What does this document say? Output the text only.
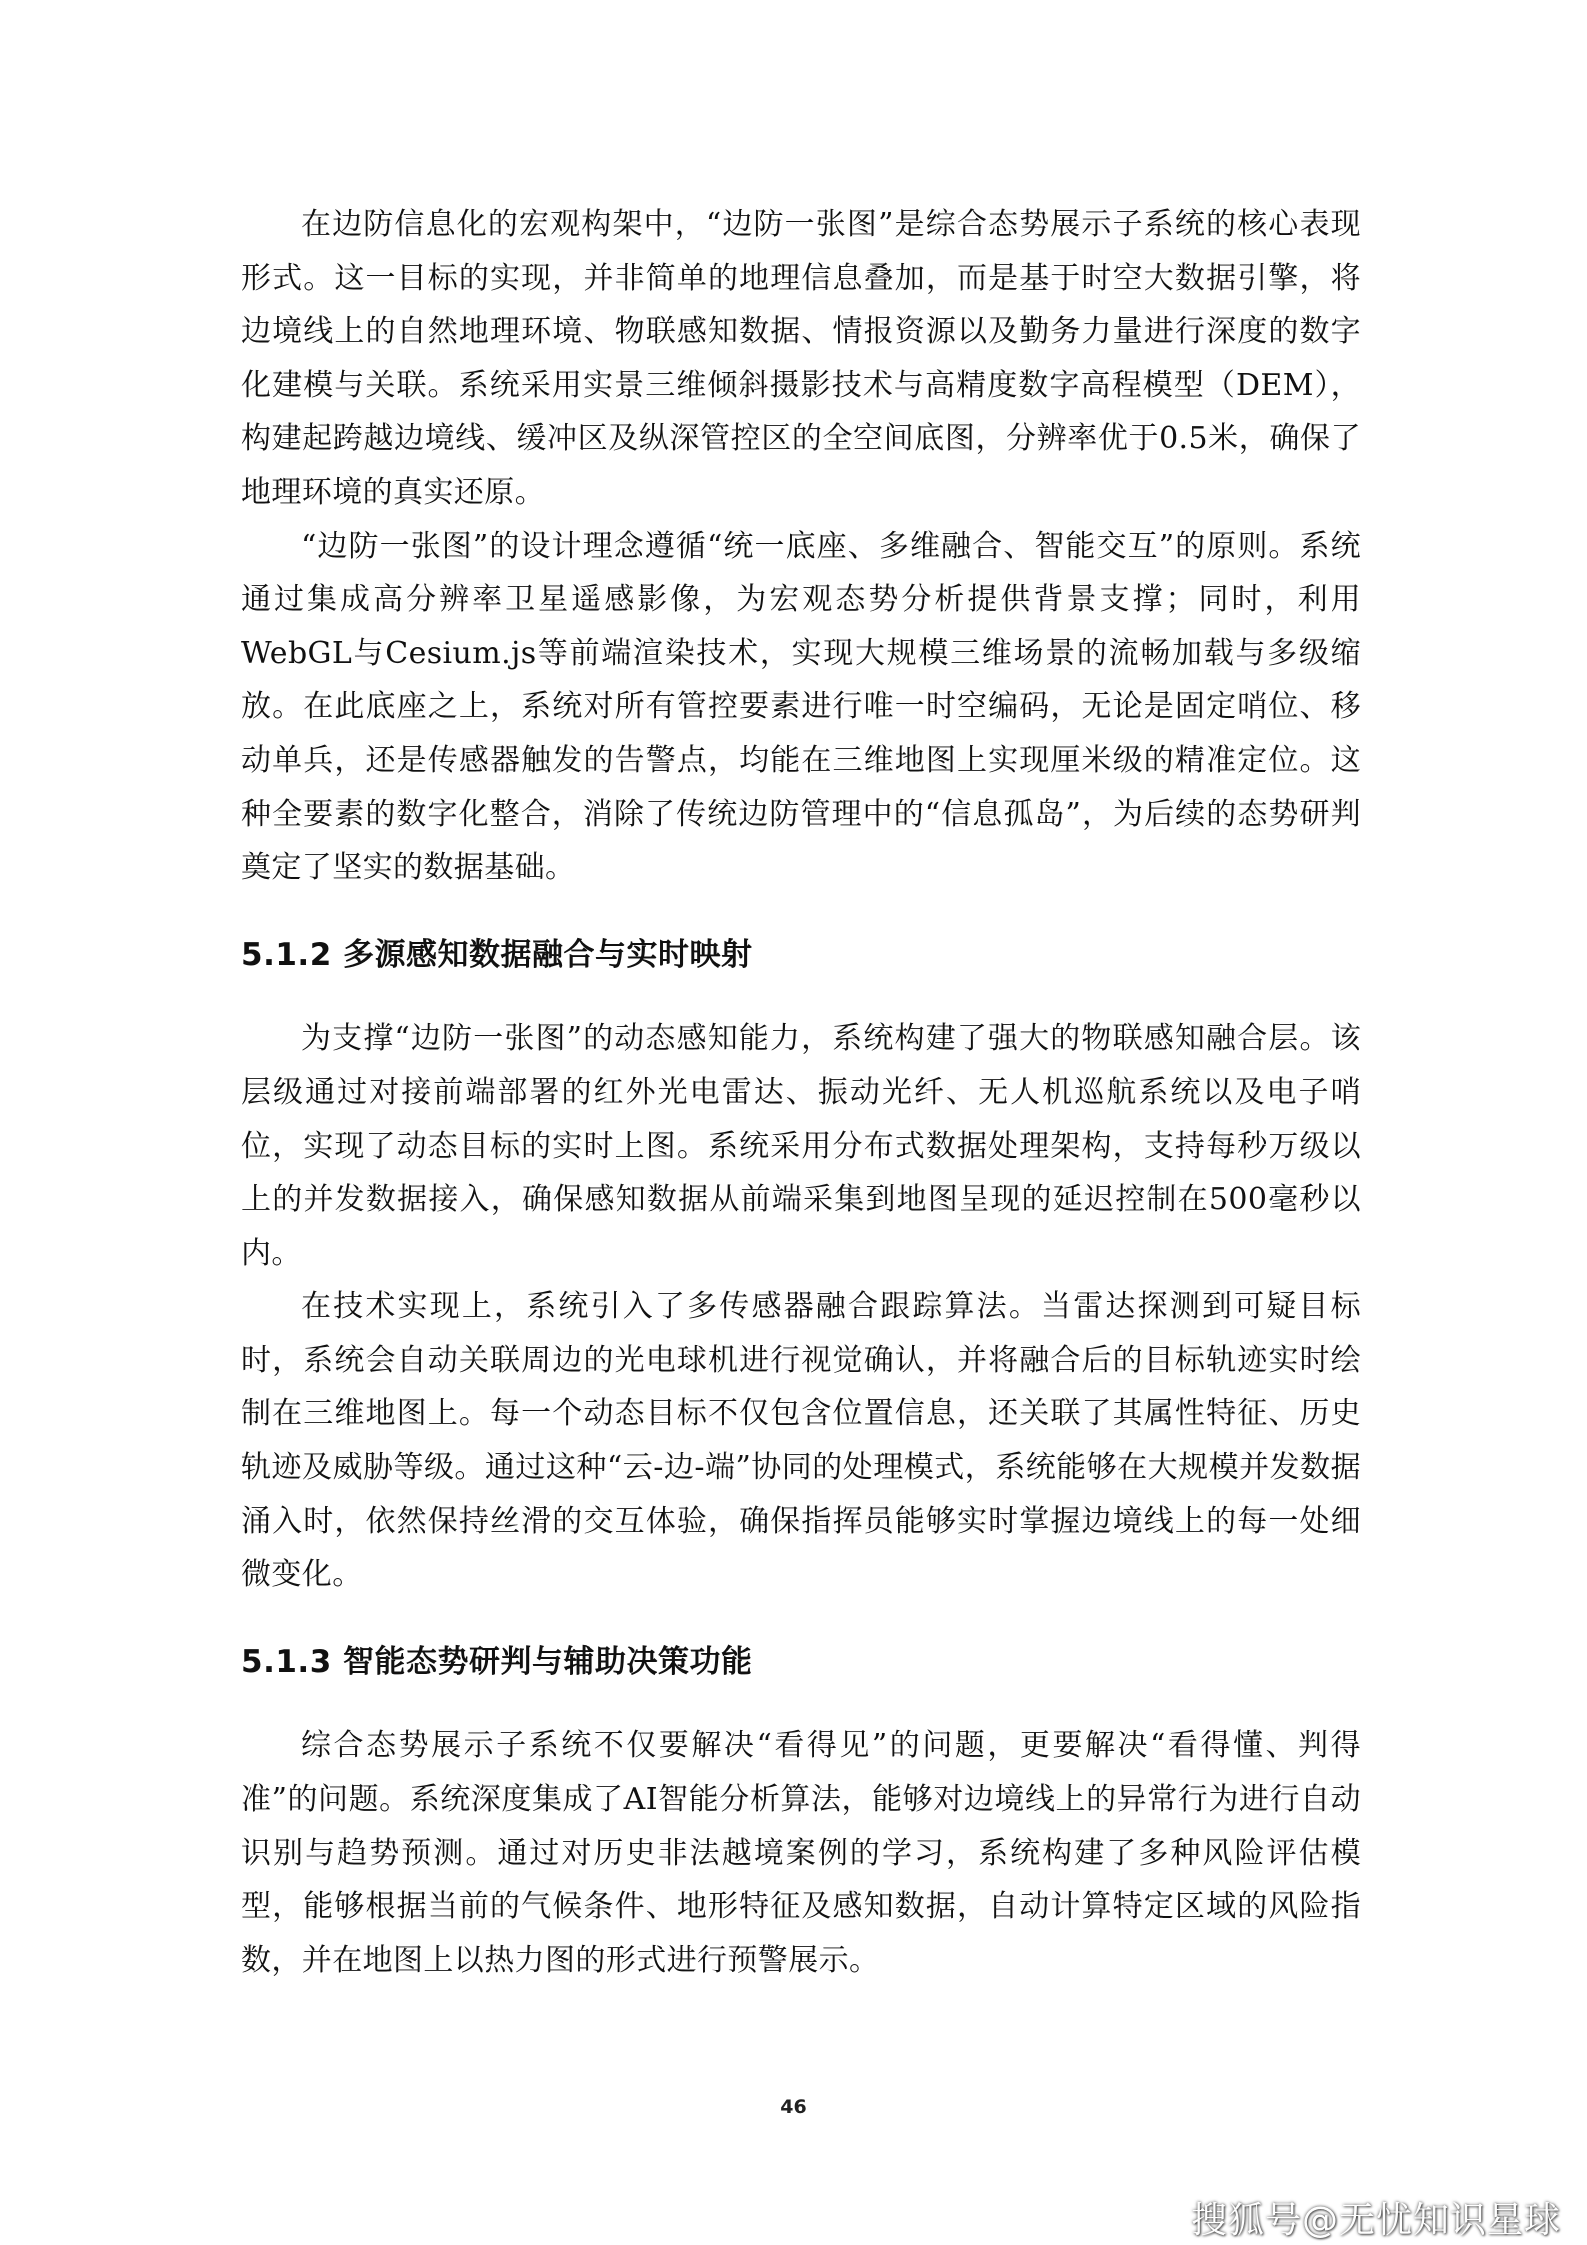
在边防信息化的宏观构架中，“边防一张图”是综合态势展示子系统的核心表现形式。这一目标的实现，并非简单的地理信息叠加，而是基于时空大数据引擎，将边境线上的自然地理环境、物联感知数据、情报资源以及勤务力量进行深度的数字化建模与关联。系统采用实景三维倾斜摄影技术与高精度数字高程模型（DEM），构建起跨越边境线、缓冲区及纵深管控区的全空间底图，分辨率优于0.5米，确保了地理环境的真实还原。

“边防一张图”的设计理念遵循“统一底座、多维融合、智能交互”的原则。系统通过集成高分辨率卫星遥感影像，为宏观态势分析提供背景支撑；同时，利用WebGL与Cesium.js等前端渲染技术，实现大规模三维场景的流畅加载与多级缩放。在此底座之上，系统对所有管控要素进行唯一时空编码，无论是固定哨位、移动单兵，还是传感器触发的告警点，均能在三维地图上实现厘米级的精准定位。这种全要素的数字化整合，消除了传统边防管理中的“信息孤岛”，为后续的态势研判奠定了坚实的数据基础。

5.1.2 多源感知数据融合与实时映射

为支撑“边防一张图”的动态感知能力，系统构建了强大的物联感知融合层。该层级通过对接前端部署的红外光电雷达、振动光纤、无人机巡航系统以及电子哨位，实现了动态目标的实时上图。系统采用分布式数据处理架构，支持每秒万级以上的并发数据接入，确保感知数据从前端采集到地图呈现的延迟控制在500毫秒以内。

在技术实现上，系统引入了多传感器融合跟踪算法。当雷达探测到可疑目标时，系统会自动关联周边的光电球机进行视觉确认，并将融合后的目标轨迹实时绘制在三维地图上。每一个动态目标不仅包含位置信息，还关联了其属性特征、历史轨迹及威胁等级。通过这种“云-边-端”协同的处理模式，系统能够在大规模并发数据涌入时，依然保持丝滑的交互体验，确保指挥员能够实时掌握边境线上的每一处细微变化。

5.1.3 智能态势研判与辅助决策功能

综合态势展示子系统不仅要解决“看得见”的问题，更要解决“看得懂、判得准”的问题。系统深度集成了AI智能分析算法，能够对边境线上的异常行为进行自动识别与趋势预测。通过对历史非法越境案例的学习，系统构建了多种风险评估模型，能够根据当前的气候条件、地形特征及感知数据，自动计算特定区域的风险指数，并在地图上以热力图的形式进行预警展示。

46
搜狐号@无忧知识星球
